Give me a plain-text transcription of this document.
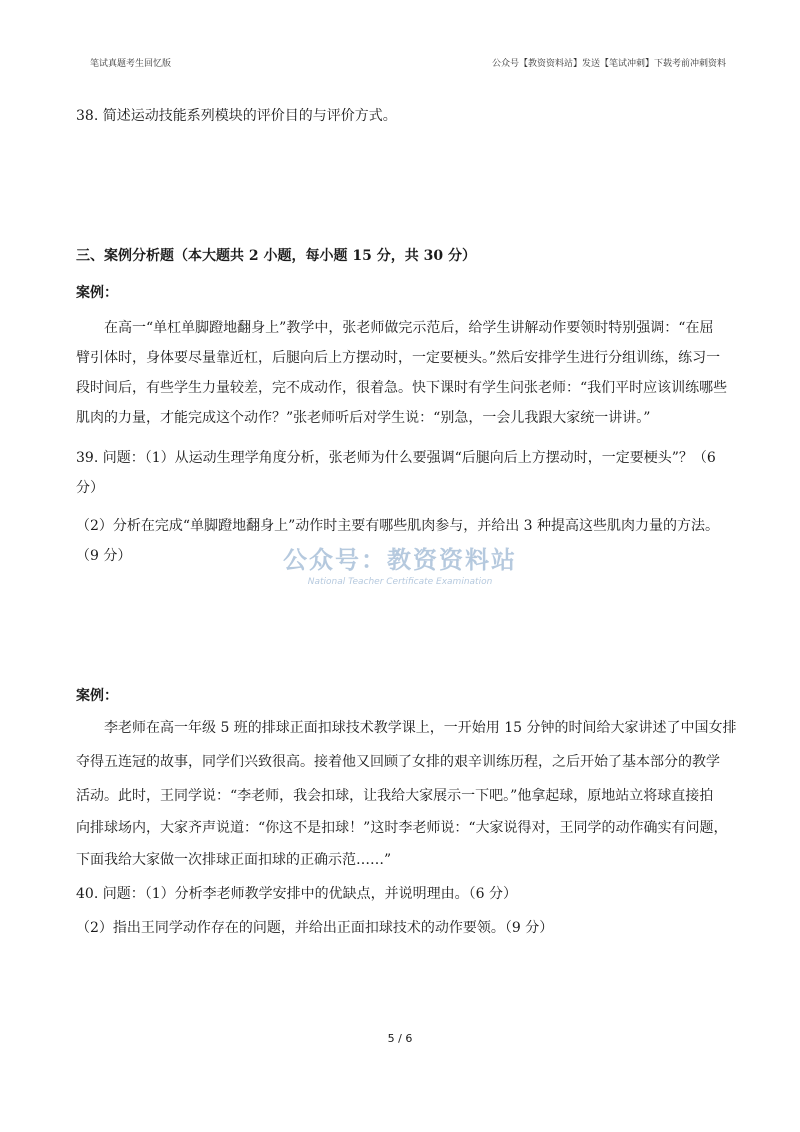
笔试真题考生回忆版	公众号【教资资料站】发送【笔试冲刺】下载考前冲刺资料
38. 简述运动技能系列模块的评价目的与评价方式。
三、案例分析题（本大题共 2 小题，每小题 15 分，共 30 分）
案例：
在高一“单杠单脚蹬地翻身上”教学中，张老师做完示范后，给学生讲解动作要领时特别强调：“在屈
臂引体时，身体要尽量靠近杠，后腿向后上方摆动时，一定要梗头。”然后安排学生进行分组训练，练习一
段时间后，有些学生力量较差，完不成动作，很着急。快下课时有学生问张老师：“我们平时应该训练哪些
肌肉的力量，才能完成这个动作？”张老师听后对学生说：“别急，一会儿我跟大家统一讲讲。”
39. 问题：（1）从运动生理学角度分析，张老师为什么要强调“后腿向后上方摆动时，一定要梗头”？（6
分）
（2）分析在完成“单脚蹬地翻身上”动作时主要有哪些肌肉参与，并给出 3 种提高这些肌肉力量的方法。
（9 分）	公众号：教资资料站
National Teacher Certificate Examination
案例：
李老师在高一年级 5 班的排球正面扣球技术教学课上，一开始用 15 分钟的时间给大家讲述了中国女排
夺得五连冠的故事，同学们兴致很高。接着他又回顾了女排的艰辛训练历程，之后开始了基本部分的教学
活动。此时，王同学说：“李老师，我会扣球，让我给大家展示一下吧。”他拿起球，原地站立将球直接拍
向排球场内，大家齐声说道：“你这不是扣球！”这时李老师说：“大家说得对，王同学的动作确实有问题，
下面我给大家做一次排球正面扣球的正确示范……”
40. 问题：（1）分析李老师教学安排中的优缺点，并说明理由。（6 分）
（2）指出王同学动作存在的问题，并给出正面扣球技术的动作要领。（9 分）
5 / 6
